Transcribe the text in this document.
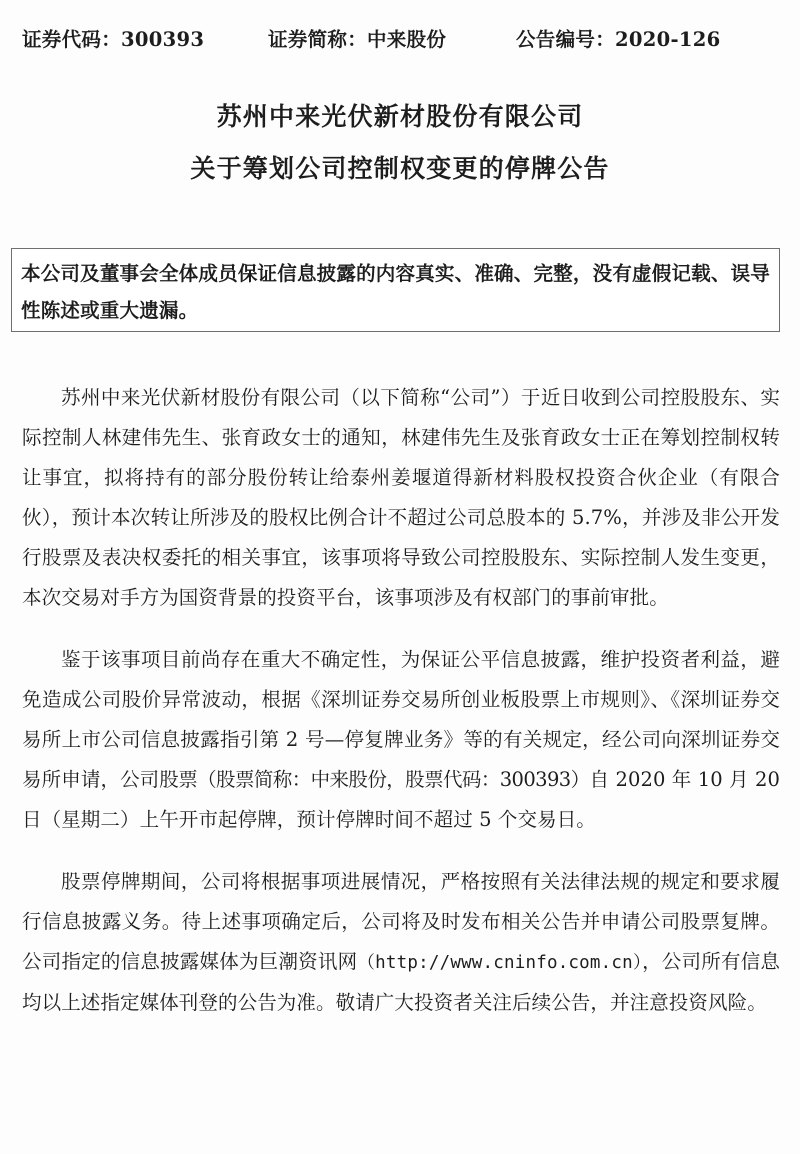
证券代码：300393	证券简称：中来股份	公告编号：2020-126
苏州中来光伏新材股份有限公司
关于筹划公司控制权变更的停牌公告
本公司及董事会全体成员保证信息披露的内容真实、准确、完整，没有虚假记载、误导性陈述或重大遗漏。

苏州中来光伏新材股份有限公司（以下简称“公司”）于近日收到公司控股股东、实际控制人林建伟先生、张育政女士的通知，林建伟先生及张育政女士正在筹划控制权转让事宜，拟将持有的部分股份转让给泰州姜堰道得新材料股权投资合伙企业（有限合伙），预计本次转让所涉及的股权比例合计不超过公司总股本的 5.7%，并涉及非公开发行股票及表决权委托的相关事宜，该事项将导致公司控股股东、实际控制人发生变更，本次交易对手方为国资背景的投资平台，该事项涉及有权部门的事前审批。

鉴于该事项目前尚存在重大不确定性，为保证公平信息披露，维护投资者利益，避免造成公司股价异常波动，根据《深圳证券交易所创业板股票上市规则》、《深圳证券交易所上市公司信息披露指引第 2 号—停复牌业务》等的有关规定，经公司向深圳证券交易所申请，公司股票（股票简称：中来股份，股票代码：300393）自 2020 年 10 月 20 日（星期二）上午开市起停牌，预计停牌时间不超过 5 个交易日。

股票停牌期间，公司将根据事项进展情况，严格按照有关法律法规的规定和要求履行信息披露义务。待上述事项确定后，公司将及时发布相关公告并申请公司股票复牌。公司指定的信息披露媒体为巨潮资讯网（http://www.cninfo.com.cn），公司所有信息均以上述指定媒体刊登的公告为准。敬请广大投资者关注后续公告，并注意投资风险。
